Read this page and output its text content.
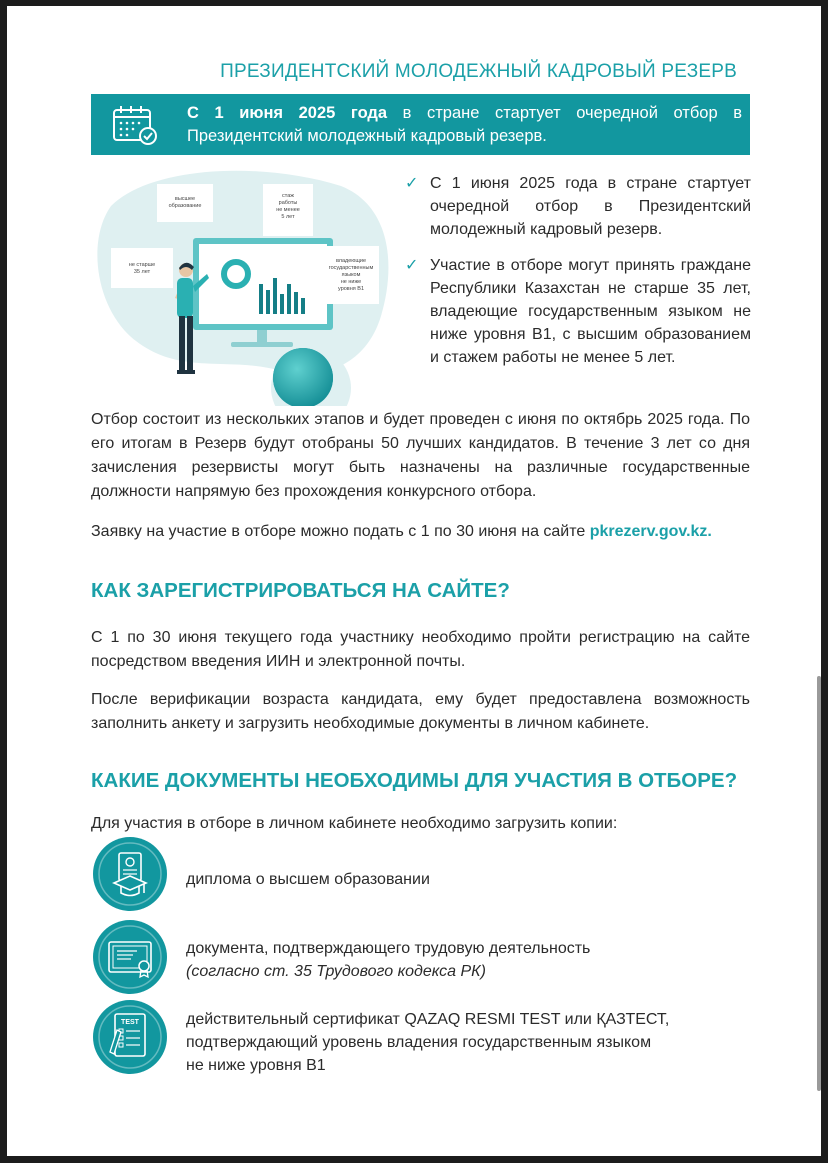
ПРЕЗИДЕНТСКИЙ МОЛОДЕЖНЫЙ КАДРОВЫЙ РЕЗЕРВ
С 1 июня 2025 года в стране стартует очередной отбор в Президентский молодежный кадровый резерв.
высшее
образование
стаж
работы
не менее
5 лет
не старше
35 лет
владеющие
государственным
языком
не ниже
уровня B1
✓ С 1 июня 2025 года в стране стартует очередной отбор в Президентский молодежный кадровый резерв.
✓ Участие в отборе могут принять граждане Республики Казахстан не старше 35 лет, владеющие государственным языком не ниже уровня B1, с высшим образованием и стажем работы не менее 5 лет.
Отбор состоит из нескольких этапов и будет проведен с июня по октябрь 2025 года. По его итогам в Резерв будут отобраны 50 лучших кандидатов. В течение 3 лет со дня зачисления резервисты могут быть назначены на различные государственные должности напрямую без прохождения конкурсного отбора.
Заявку на участие в отборе можно подать с 1 по 30 июня на сайте pkrezerv.gov.kz.
КАК ЗАРЕГИСТРИРОВАТЬСЯ НА САЙТЕ?
С 1 по 30 июня текущего года участнику необходимо пройти регистрацию на сайте посредством введения ИИН и электронной почты.
После верификации возраста кандидата, ему будет предоставлена возможность заполнить анкету и загрузить необходимые документы в личном кабинете.
КАКИЕ ДОКУМЕНТЫ НЕОБХОДИМЫ ДЛЯ УЧАСТИЯ В ОТБОРЕ?
Для участия в отборе в личном кабинете необходимо загрузить копии:
диплома о высшем образовании
документа, подтверждающего трудовую деятельность
(согласно ст. 35 Трудового кодекса РК)
TEST	действительный сертификат QAZAQ RESMI TEST или ҚАЗТЕСТ,
подтверждающий уровень владения государственным языком
не ниже уровня B1
